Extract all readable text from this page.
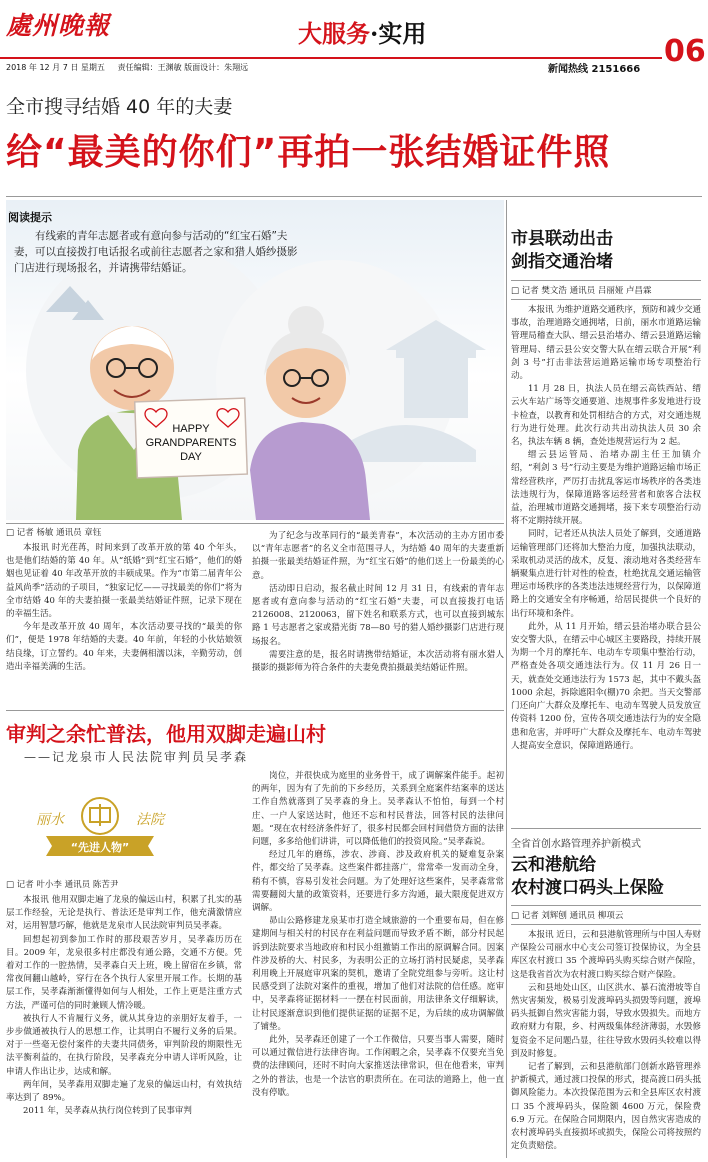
處州晚報	大服务·实用
06
2018 年 12 月 7 日 星期五 责任编辑：王渊敏 版面设计：朱翔远	新闻热线 2151666
全市搜寻结婚 40 年的夫妻
给“最美的你们”再拍一张结婚证件照
HAPPY
GRANDPARENTS
DAY
阅读提示
有线索的青年志愿者或有意向参与活动的“红宝石婚”夫妻，可以直接拨打电话报名或前往志愿者之家和猎人婚纱摄影门店进行现场报名，并请携带结婚证。
□ 记者 杨敏 通讯员 章钰

本报讯 时光荏苒，时间来到了改革开放的第 40 个年头，也是他们结婚的第 40 年。从“纸婚”到“红宝石婚”，他们的婚姻也见证着 40 年改革开放的丰硕成果。作为“市第二届青年公益风尚季”活动的子项目，“独家记忆——寻找最美的你们”将为全市结婚 40 年的夫妻拍摄一张最美结婚证件照，记录下现在的幸福生活。

今年是改革开放 40 周年，本次活动要寻找的“最美的你们”，便是 1978 年结婚的夫妻。40 年前，年轻的小伙姑娘领结良缘，订立誓约。40 年来，夫妻俩相濡以沫，辛勤劳动，创造出幸福美满的生活。

为了纪念与改革同行的“最美青春”，本次活动的主办方团市委以“青年志愿者”的名义全市范围寻人，为结婚 40 周年的夫妻重新拍摄一张最美结婚证件照，为“红宝石婚”的他们送上一份最美的心意。

活动即日启动，报名截止时间 12 月 31 日，有线索的青年志愿者或有意向参与活动的“红宝石婚”夫妻，可以直接拨打电话 2126008、2120063，留下姓名和联系方式，也可以直接到城东路 1 号志愿者之家或猎光街 78—80 号的猎人婚纱摄影门店进行现场报名。

需要注意的是，报名时请携带结婚证，本次活动将有丽水猎人摄影的摄影师为符合条件的夫妻免费拍摄最美结婚证件照。

审判之余忙普法，他用双脚走遍山村
——记龙泉市人民法院审判员吴孝森
丽水	法院
“先进人物”
□ 记者 叶小李 通讯员 陈苦尹

本报讯 他用双脚走遍了龙泉的偏远山村，积累了扎实的基层工作经验，无论是执行、普法还是审判工作，他充满激情应对，运用智慧巧解，他就是龙泉市人民法院审判员吴孝森。

回想起初到参加工作时的那段艰苦岁月，吴孝森历历在目。2009 年，龙泉很多村庄都没有通公路，交通不方便。凭着对工作的一腔热情，吴孝森白天上班，晚上留宿在乡镇，常常夜间翻山越岭，穿行在各个执行人家里开展工作。长期的基层工作，吴孝森渐渐懂得如何与人相处，工作上更是注重方式方法，严谨可信的同时兼顾人情冷暖。

被执行人不肯履行义务，就从其身边的亲朋好友着手，一步步做通被执行人的思想工作，让其明白不履行义务的后果。对于一些毫无偿付案件的夫妻共同债务，审判阶段的期限性无法平衡利益的，在执行阶段，吴孝森充分申请人详听风险，让申请人作出让步，达成和解。

两年间，吴孝森用双脚走遍了龙泉的偏远山村，有效执结率达到了 89%。

2011 年，吴孝森从执行岗位转到了民事审判

岗位，并很快成为庭里的业务骨干，成了调解案件能手。起初的两年，因为有了先前的下乡经历，关系到全庭案件结案率的送达工作自然就落到了吴孝森的身上。吴孝森认不怕怕，每到一个村庄、一户人家送达时，他还不忘和村民普法，回答村民的法律问题。“现在农村经济条件好了，很多村民都会回村间借贷方面的法律问题，多多给他们讲讲，可以降低他们的投资风险。”吴孝森说。

经过几年的磨练，涉农、涉商、涉及政府机关的疑难复杂案件，都交给了吴孝森。这些案件都挂落广，常常牵一发而动全身，稍有不慎，容易引发社会问题。为了处理好这些案件，吴孝森常常需要翻阅大量的政策资料，还要进行多方沟通，最大限度促进双方调解。

昴山公路修建龙泉某市打造全域旅游的一个重要布局，但在修建期间与相关村的村民存在利益问题而导致矛盾不断，部分村民起诉到法院要求当地政府和村民小组撤销工作出的原调解合同。因案件涉及桥的大、村民多，为表明公正的立场打消村民疑虑，吴孝森利用晚上开展庭审巩案的契机，邀请了全院党组参与旁听。这让村民感受到了法院对案件的重视，增加了他们对法院的信任感。庭审中，吴孝森将证据材料一一摆在村民面前，用法律条文仔细解读，让村民逐渐意识到他们提供证据的证据不足，为后续的成功调解做了铺垫。

此外，吴孝森还创建了一个工作微信，只要当事人需要，随时可以通过微信进行法律咨询。工作闲暇之余，吴孝森不仅要充当免费的法律顾问，还时不时向大家推送法律常识，但在他看来，审判之外的普法，也是一个法官的职责所在。在司法的道路上，他一直没有停歇。

市县联动出击
剑指交通治堵
□ 记者 樊文浩 通讯员 吕丽娅 卢昌霖

本报讯 为维护道路交通秩序，预防和减少交通事故，治理道路交通拥堵，日前，丽水市道路运输管理局稽查大队、缙云县治堵办、缙云县道路运输管理局、缙云县公安交警大队在缙云联合开展“利剑 3 号”打击非法营运道路运输市场专项整治行动。

11 月 28 日，执法人员在缙云高铁西站、缙云火车站广场等交通要道、违规事件多发地进行设卡检查，以教育和处罚相结合的方式，对交通违规行为进行处理。此次行动共出动执法人员 30 余名，执法车辆 8 辆，查处违规营运行为 2 起。

缙云县运管局、治堵办副主任王加镇介绍，“利剑 3 号”行动主要是为维护道路运输市场正常经营秩序，严厉打击扰乱客运市场秩序的各类违法违规行为，保障道路客运经营者和旅客合法权益，治理城市道路交通拥堵，接下来专项整治行动将不定期持续开展。

同时，记者还从执法人员处了解到，交通道路运输管理部门还将加大整治力度，加强执法联动，采取机动灵活的战术，反复、滚动地对各类经营车辆聚集点进行针对性的检查，杜绝扰乱交通运输管理运市场秩序的各类违法违规经营行为，以保障道路上的交通安全有序畅通，给居民提供一个良好的出行环境和条件。

此外，从 11 月开始，缙云县治堵办联合县公安交警大队，在缙云中心城区主要路段，持续开展为期一个月的摩托车、电动车专项集中整治行动，严格查处各项交通违法行为。仅 11 月 26 日一天，就查处交通违法行为 1573 起，其中不戴头盔 1000 余起，拆除遮阳伞(棚)70 余把。当天交警部门还向广大群众及摩托车、电动车驾驶人员发放宣传资料 1200 份，宣传各项交通违法行为的安全隐患和危害，并呼吁广大群众及摩托车、电动车驾驶人提高安全意识，保障道路通行。

全省首创水路管理养护新模式
云和港航给
农村渡口码头上保险
□ 记者 刘辉刨 通讯员 柳项云

本报讯 近日，云和县港航管理所与中国人寿财产保险公司丽水中心支公司签订投保协议，为全县库区农村渡口 35 个渡埠码头购买综合财产保险，这是我省首次为农村渡口购买综合财产保险。

云和县地处山区，山区洪水、暴石流滑坡等自然灾害频发，极易引发渡埠码头损毁等问题，渡埠码头抵御自然灾害能力弱，导致水毁损失。而地方政府财力有限，乡、村两级集体经济薄弱，水毁修复资金不足问题凸显，往往导致水毁码头较难以得到及时修复。

记者了解到，云和县港航部门创新水路管理养护新模式，通过渡口投保的形式，提高渡口码头抵御风险能力。本次投保范围为云和全县库区农村渡口 35 个渡埠码头，保险额 4600 万元，保险费 6.9 万元。在保险合同期限内，因自然灾害造成的农村渡埠码头直接损坏或损失，保险公司将按照约定负责赔偿。
